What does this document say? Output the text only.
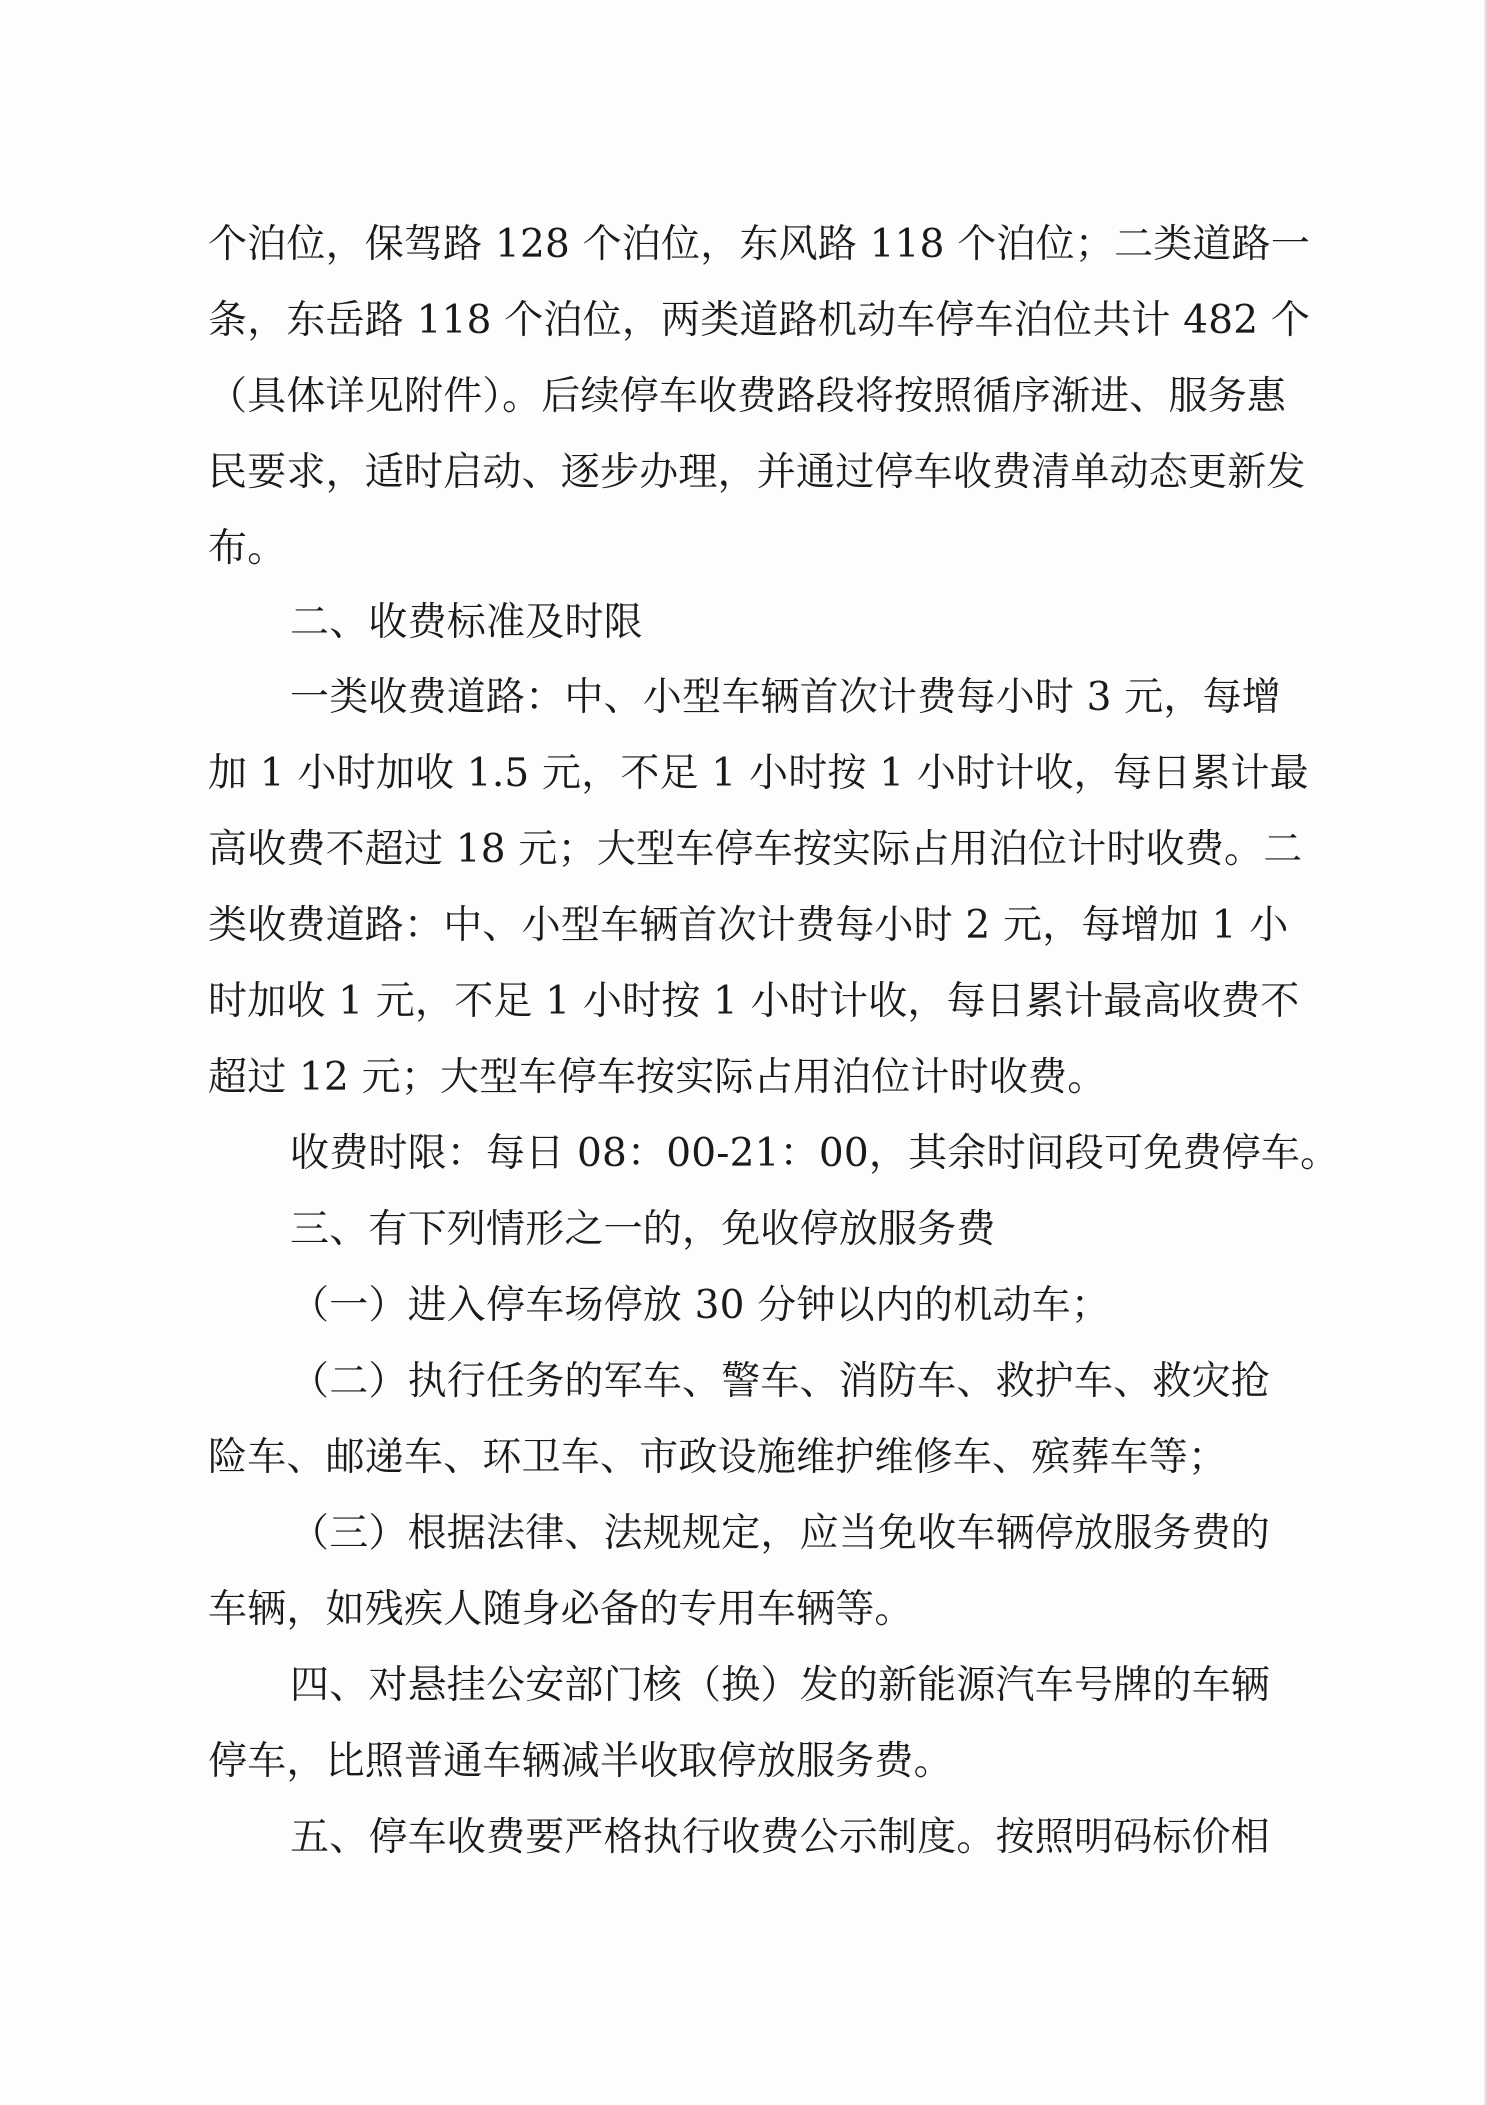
个泊位，保驾路 128 个泊位，东风路 118 个泊位；二类道路一

条，东岳路 118 个泊位，两类道路机动车停车泊位共计 482 个

（具体详见附件）。后续停车收费路段将按照循序渐进、服务惠

民要求，适时启动、逐步办理，并通过停车收费清单动态更新发

布。

二、收费标准及时限

一类收费道路：中、小型车辆首次计费每小时 3 元，每增

加 1 小时加收 1.5 元，不足 1 小时按 1 小时计收，每日累计最

高收费不超过 18 元；大型车停车按实际占用泊位计时收费。二

类收费道路：中、小型车辆首次计费每小时 2 元，每增加 1 小

时加收 1 元，不足 1 小时按 1 小时计收，每日累计最高收费不

超过 12 元；大型车停车按实际占用泊位计时收费。

收费时限：每日 08：00-21：00，其余时间段可免费停车。

三、有下列情形之一的，免收停放服务费

（一）进入停车场停放 30 分钟以内的机动车；

（二）执行任务的军车、警车、消防车、救护车、救灾抢

险车、邮递车、环卫车、市政设施维护维修车、殡葬车等；

（三）根据法律、法规规定，应当免收车辆停放服务费的

车辆，如残疾人随身必备的专用车辆等。

四、对悬挂公安部门核（换）发的新能源汽车号牌的车辆

停车，比照普通车辆减半收取停放服务费。

五、停车收费要严格执行收费公示制度。按照明码标价相
